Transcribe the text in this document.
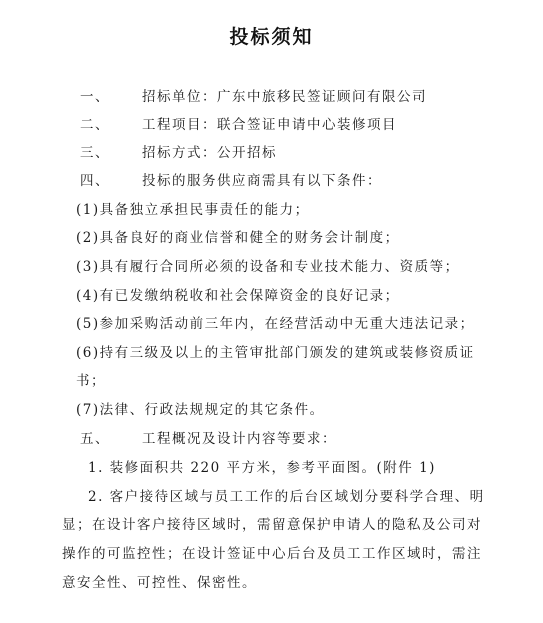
投标须知
一、 招标单位：广东中旅移民签证顾问有限公司
二、 工程项目：联合签证申请中心装修项目
三、 招标方式：公开招标
四、 投标的服务供应商需具有以下条件：
(1)具备独立承担民事责任的能力；
(2)具备良好的商业信誉和健全的财务会计制度；
(3)具有履行合同所必须的设备和专业技术能力、资质等；
(4)有已发缴纳税收和社会保障资金的良好记录；
(5)参加采购活动前三年内，在经营活动中无重大违法记录；
(6)持有三级及以上的主管审批部门颁发的建筑或装修资质证
书；
(7)法律、行政法规规定的其它条件。
五、 工程概况及设计内容等要求：
1. 装修面积共 220 平方米，参考平面图。(附件 1)
2. 客户接待区域与员工工作的后台区域划分要科学合理、明
显；在设计客户接待区域时，需留意保护申请人的隐私及公司对
操作的可监控性；在设计签证中心后台及员工工作区域时，需注
意安全性、可控性、保密性。
